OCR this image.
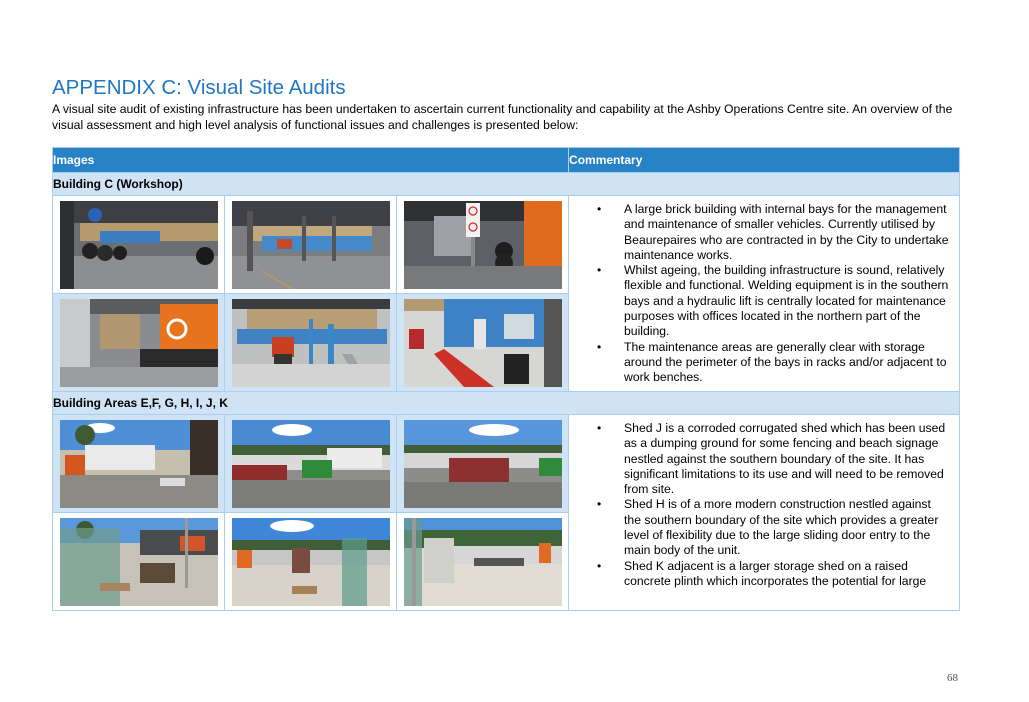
APPENDIX C: Visual Site Audits

A visual site audit of existing infrastructure has been undertaken to ascertain current functionality and capability at the Ashby Operations Centre site. An overview of the visual assessment and high level analysis of functional issues and challenges is presented below:

Images			Commentary
Building C (Workshop)			

• A large brick building with internal bays for the management and maintenance of smaller vehicles. Currently utilised by Beaurepaires who are contracted in by the City to undertake maintenance works.
• Whilst ageing, the building infrastructure is sound, relatively flexible and functional. Welding equipment is in the southern bays and a hydraulic lift is centrally located for maintenance purposes with offices located in the northern part of the building.
• The maintenance areas are generally clear with storage around the perimeter of the bays in racks and/or adjacent to work benches.

Building Areas E,F, G, H, I, J, K			

• Shed J is a corroded corrugated shed which has been used as a dumping ground for some fencing and beach signage nestled against the southern boundary of the site. It has significant limitations to its use and will need to be removed from site.
• Shed H is of a more modern construction nestled against the southern boundary of the site which provides a greater level of flexibility due to the large sliding door entry to the main body of the unit.
• Shed K adjacent is a larger storage shed on a raised concrete plinth which incorporates the potential for large

68
